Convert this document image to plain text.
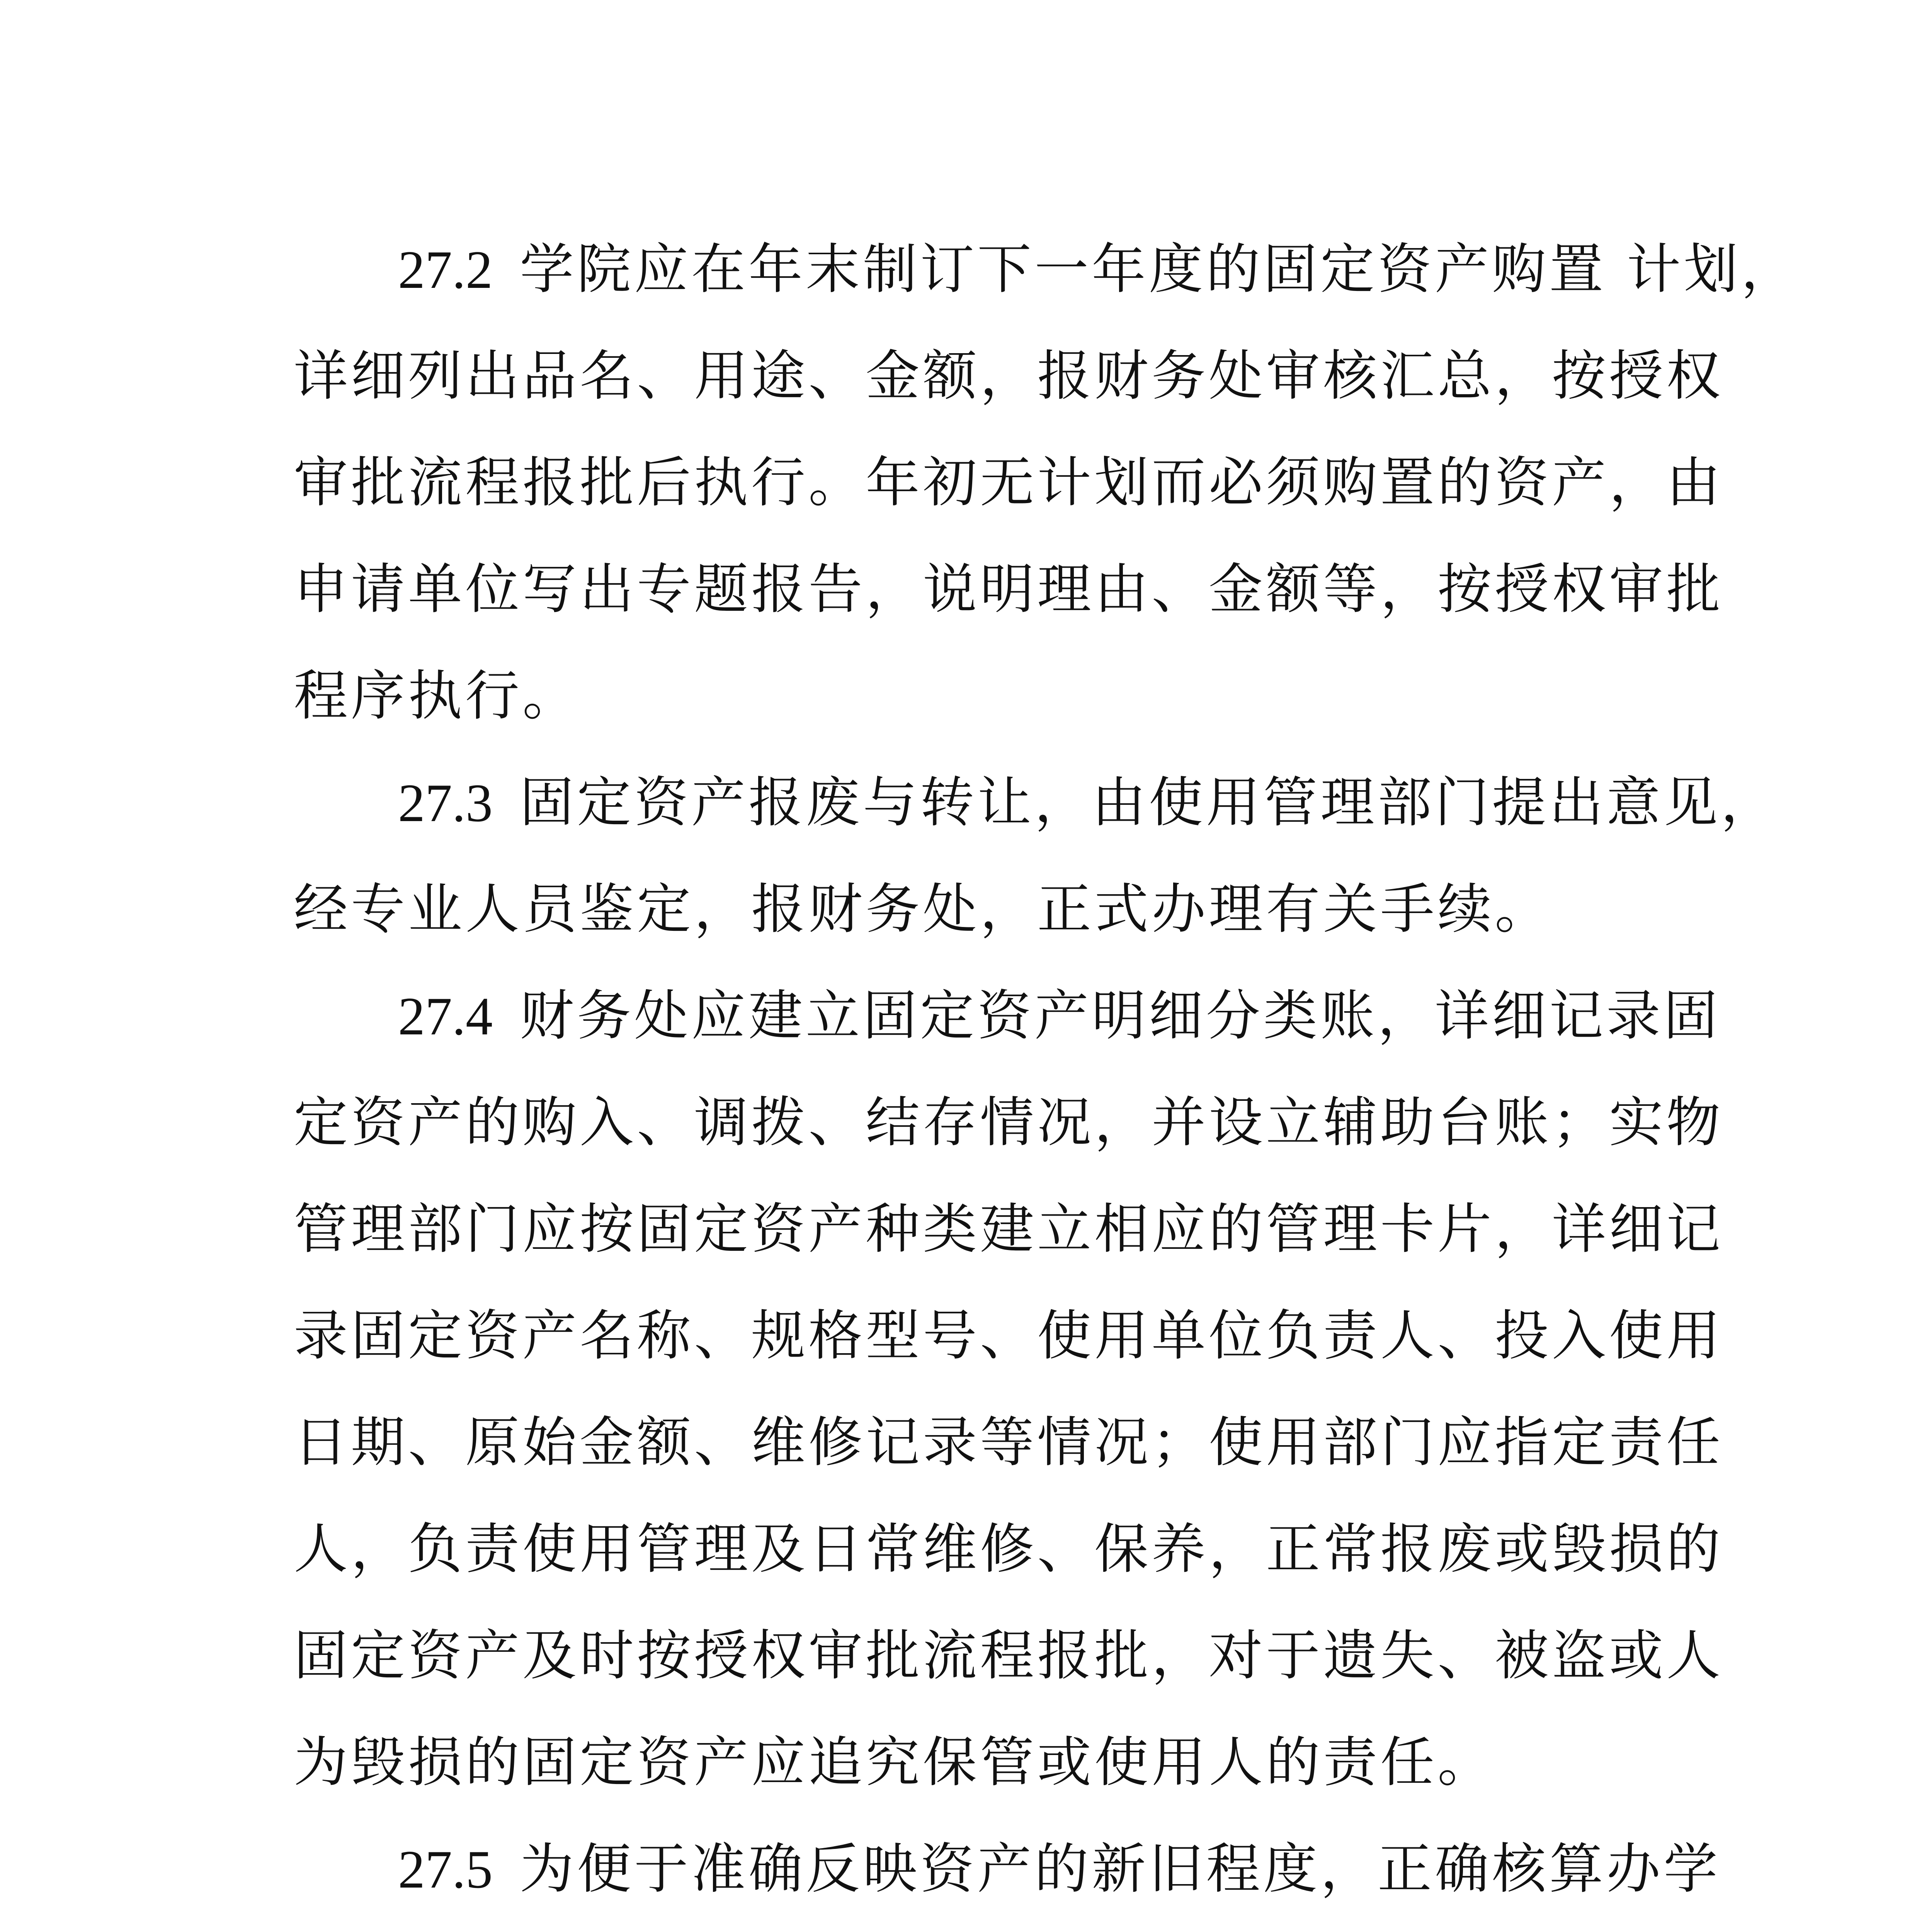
27.2 学院应在年末制订下一年度的固定资产购置 计划，
详细列出品名、用途、金额，报财务处审核汇总，按授权
审批流程报批后执行。年初无计划而必须购置的资产，由
申请单位写出专题报告，说明理由、金额等，按授权审批
程序执行。
27.3 固定资产报废与转让，由使用管理部门提出意见，
经专业人员鉴定，报财务处，正式办理有关手续。
27.4 财务处应建立固定资产明细分类账，详细记录固
定资产的购入、调拨、结存情况，并设立辅助台账；实物
管理部门应按固定资产种类建立相应的管理卡片，详细记
录固定资产名称、规格型号、使用单位负责人、投入使用
日期、原始金额、维修记录等情况；使用部门应指定责任
人，负责使用管理及日常维修、保养，正常报废或毁损的
固定资产及时按授权审批流程报批，对于遗失、被盗或人
为毁损的固定资产应追究保管或使用人的责任。
27.5 为便于准确反映资产的新旧程度，正确核算办学
